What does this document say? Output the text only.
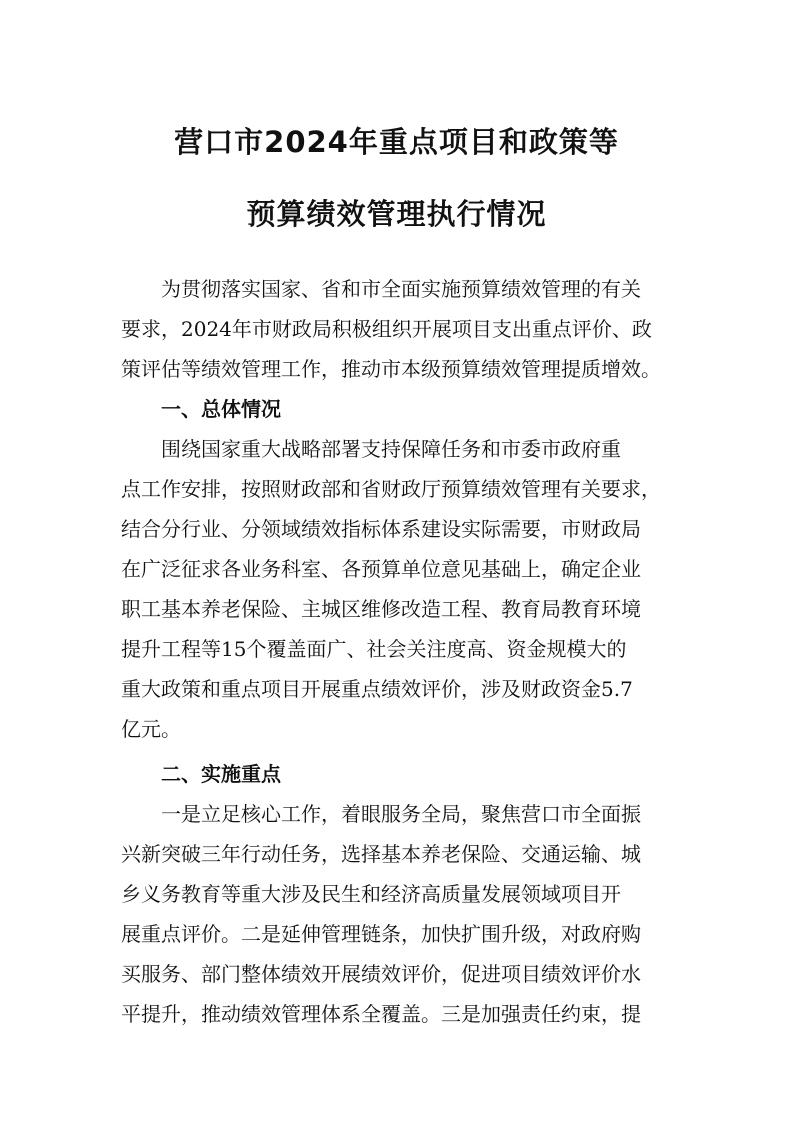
营口市2024年重点项目和政策等
预算绩效管理执行情况

为贯彻落实国家、省和市全面实施预算绩效管理的有关

要求，2024年市财政局积极组织开展项目支出重点评价、政

策评估等绩效管理工作，推动市本级预算绩效管理提质增效。

一、总体情况

围绕国家重大战略部署支持保障任务和市委市政府重

点工作安排，按照财政部和省财政厅预算绩效管理有关要求，

结合分行业、分领域绩效指标体系建设实际需要，市财政局

在广泛征求各业务科室、各预算单位意见基础上，确定企业

职工基本养老保险、主城区维修改造工程、教育局教育环境

提升工程等15个覆盖面广、社会关注度高、资金规模大的

重大政策和重点项目开展重点绩效评价，涉及财政资金5.7

亿元。

二、实施重点

一是立足核心工作，着眼服务全局，聚焦营口市全面振

兴新突破三年行动任务，选择基本养老保险、交通运输、城

乡义务教育等重大涉及民生和经济高质量发展领域项目开

展重点评价。二是延伸管理链条，加快扩围升级，对政府购

买服务、部门整体绩效开展绩效评价，促进项目绩效评价水

平提升，推动绩效管理体系全覆盖。三是加强责任约束，提
